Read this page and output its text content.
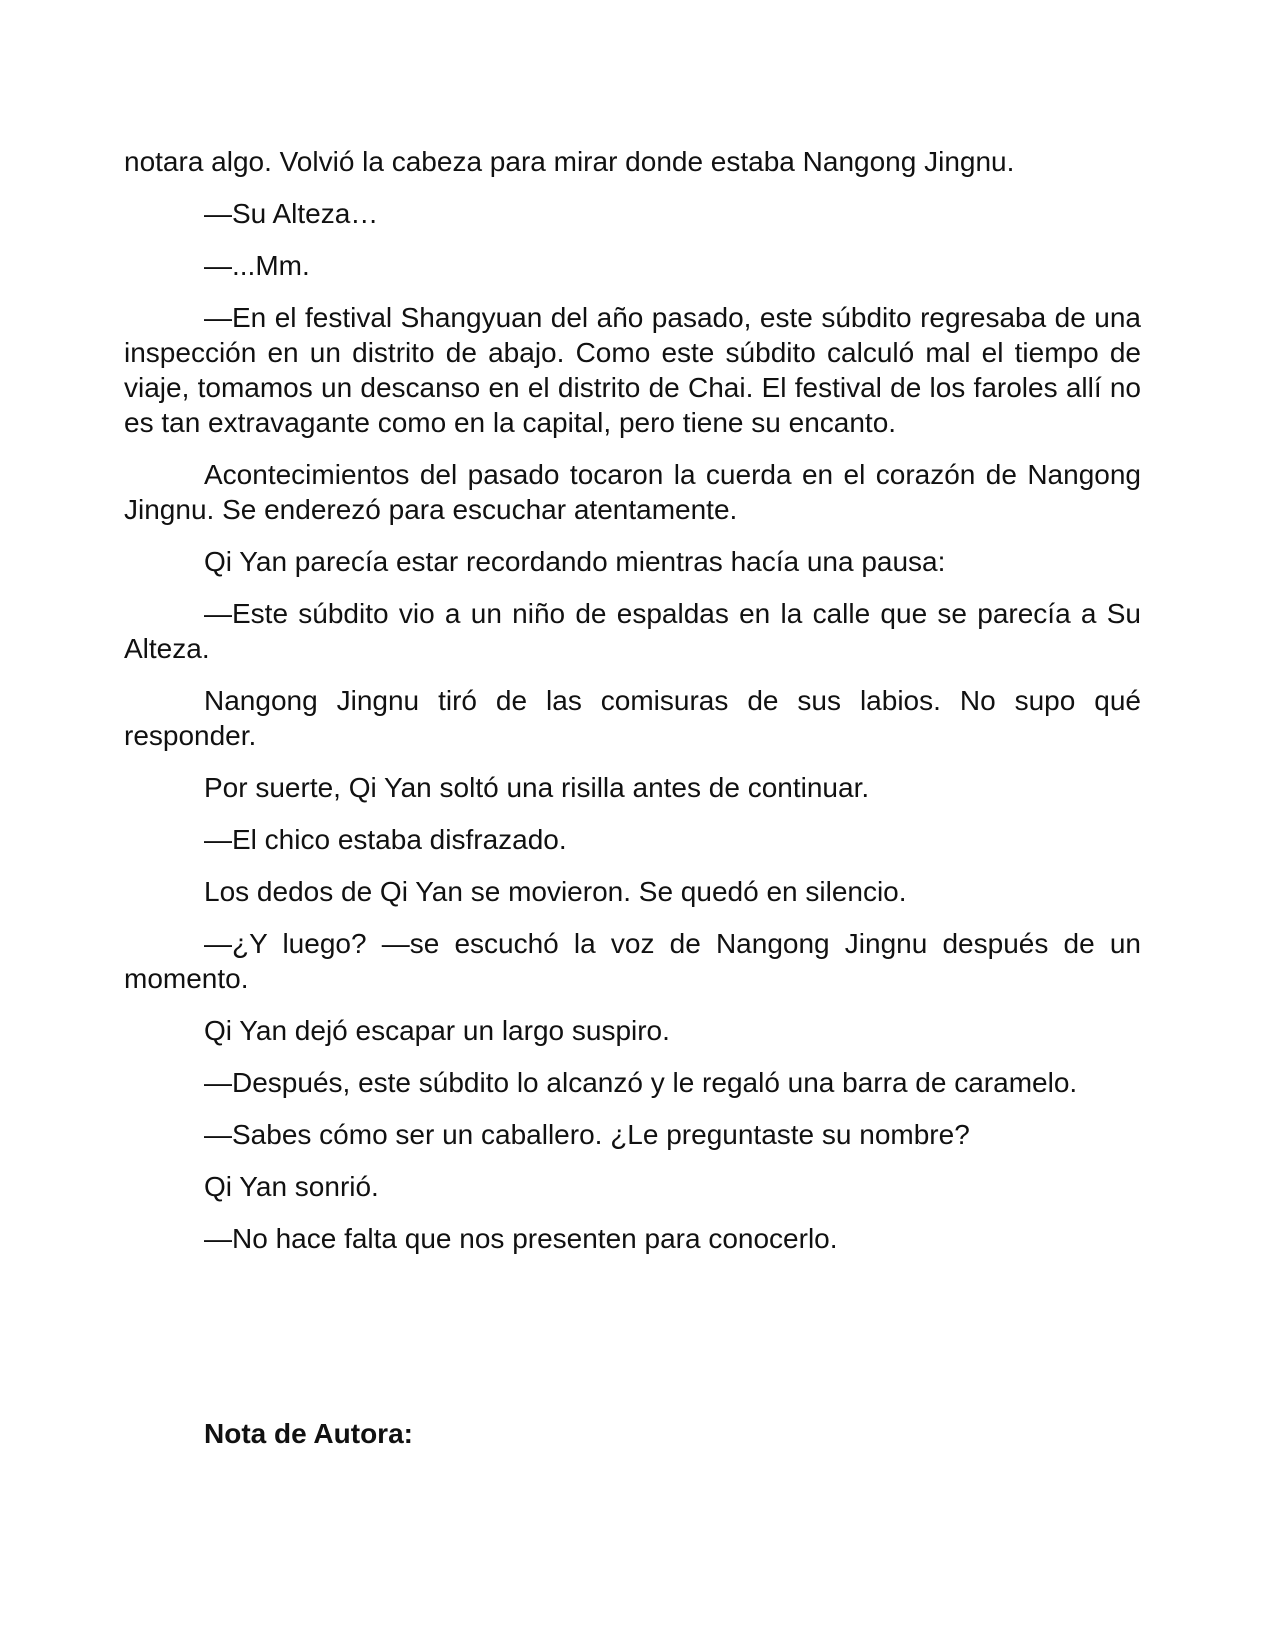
notara algo. Volvió la cabeza para mirar donde estaba Nangong Jingnu.

—Su Alteza…

—...Mm.

—En el festival Shangyuan del año pasado, este súbdito regresaba de una inspección en un distrito de abajo. Como este súbdito calculó mal el tiempo de viaje, tomamos un descanso en el distrito de Chai. El festival de los faroles allí no es tan extravagante como en la capital, pero tiene su encanto.

Acontecimientos del pasado tocaron la cuerda en el corazón de Nangong Jingnu. Se enderezó para escuchar atentamente.

Qi Yan parecía estar recordando mientras hacía una pausa:

—Este súbdito vio a un niño de espaldas en la calle que se parecía a Su Alteza.

Nangong Jingnu tiró de las comisuras de sus labios. No supo qué responder.

Por suerte, Qi Yan soltó una risilla antes de continuar.

—El chico estaba disfrazado.

Los dedos de Qi Yan se movieron. Se quedó en silencio.

—¿Y luego? —se escuchó la voz de Nangong Jingnu después de un momento.

Qi Yan dejó escapar un largo suspiro.

—Después, este súbdito lo alcanzó y le regaló una barra de caramelo.

—Sabes cómo ser un caballero. ¿Le preguntaste su nombre?

Qi Yan sonrió.

—No hace falta que nos presenten para conocerlo.

Nota de Autora:
